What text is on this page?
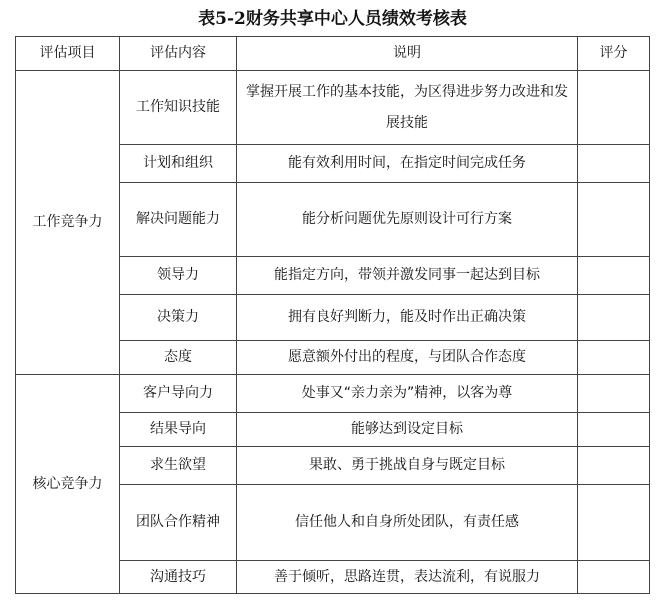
表5-2财务共享中心人员绩效考核表
评估项目	评估内容	说明	评分
工作竞争力	工作知识技能	掌握开展工作的基本技能，为区得进步努力改进和发展技能	
	计划和组织	能有效利用时间，在指定时间完成任务	
	解决问题能力	能分析问题优先原则设计可行方案	
	领导力	能指定方向，带领并激发同事一起达到目标	
	决策力	拥有良好判断力，能及时作出正确决策	
	态度	愿意额外付出的程度，与团队合作态度	
核心竞争力	客户导向力	处事又“亲力亲为”精神，以客为尊	
	结果导向	能够达到设定目标	
	求生欲望	果敢、勇于挑战自身与既定目标	
	团队合作精神	信任他人和自身所处团队，有责任感	
	沟通技巧	善于倾听，思路连贯，表达流利，有说服力	
